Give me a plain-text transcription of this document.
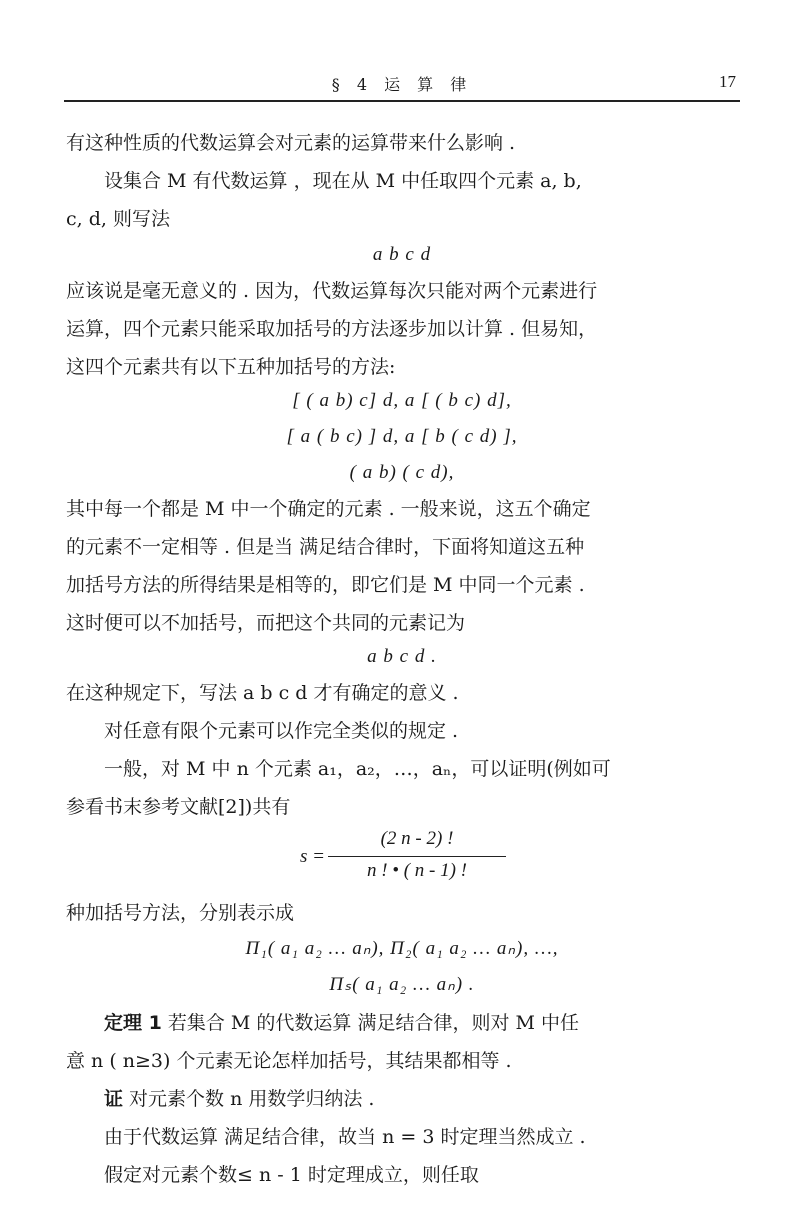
§ 4 运 算 律	17
有这种性质的代数运算会对元素的运算带来什么影响 .
设集合 M 有代数运算 ，现在从 M 中任取四个元素 a, b,
c, d, 则写法
a b c d
应该说是毫无意义的 . 因为，代数运算每次只能对两个元素进行
运算，四个元素只能采取加括号的方法逐步加以计算 . 但易知，
这四个元素共有以下五种加括号的方法:
[ ( a b) c] d, a [ ( b c) d],
[ a ( b c) ] d, a [ b ( c d) ],
( a b) ( c d),
其中每一个都是 M 中一个确定的元素 . 一般来说，这五个确定
的元素不一定相等 . 但是当 满足结合律时，下面将知道这五种
加括号方法的所得结果是相等的，即它们是 M 中同一个元素 .
这时便可以不加括号，而把这个共同的元素记为
a b c d .
在这种规定下，写法 a b c d 才有确定的意义 .
对任意有限个元素可以作完全类似的规定 .
一般，对 M 中 n 个元素 a₁，a₂，…，aₙ，可以证明(例如可
参看书末参考文献[2])共有
s =
(2 n - 2) !
n ! • ( n - 1) !
种加括号方法，分别表示成
Π₁( a₁ a₂ … aₙ), Π₂( a₁ a₂ … aₙ), …,
Πₛ( a₁ a₂ … aₙ) .
定理 1 若集合 M 的代数运算 满足结合律，则对 M 中任
意 n ( n≥3) 个元素无论怎样加括号，其结果都相等 .
证 对元素个数 n 用数学归纳法 .
由于代数运算 满足结合律，故当 n = 3 时定理当然成立 .
假定对元素个数≤ n - 1 时定理成立，则任取
